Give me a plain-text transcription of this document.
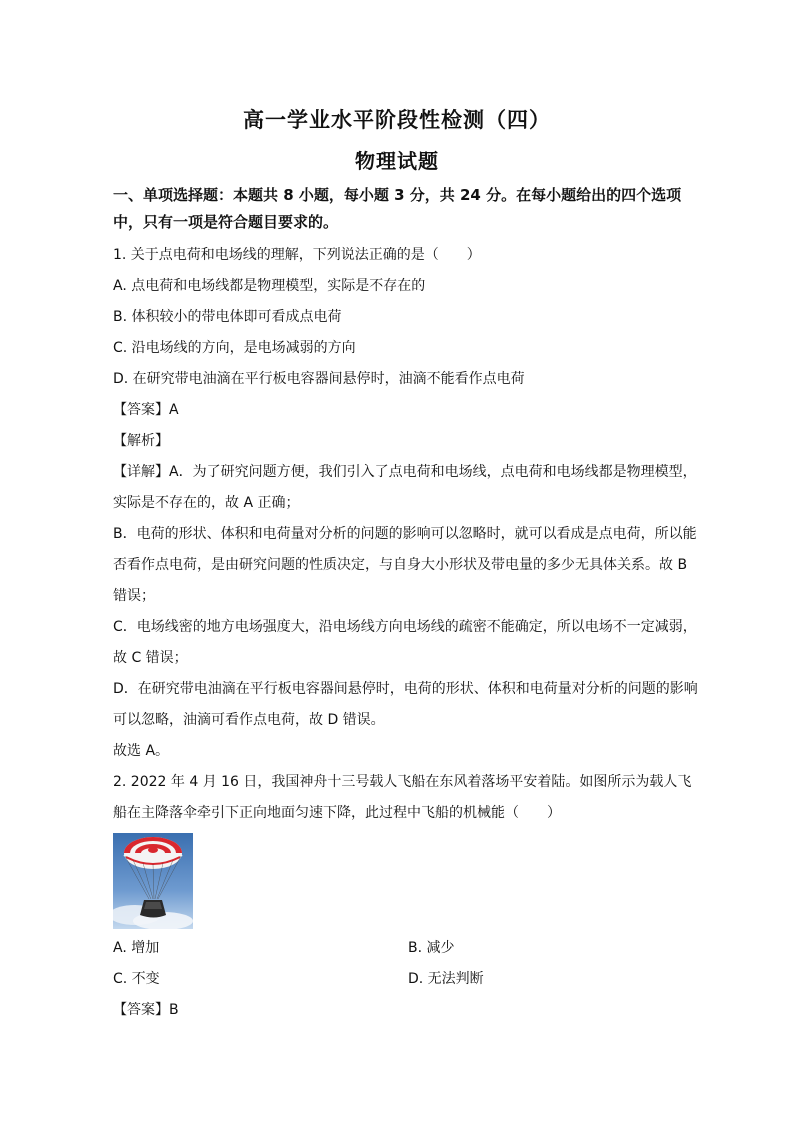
高一学业水平阶段性检测（四）
物理试题
一、单项选择题：本题共 8 小题，每小题 3 分，共 24 分。在每小题给出的四个选项中，只有一项是符合题目要求的。
1. 关于点电荷和电场线的理解，下列说法正确的是（　　）
A. 点电荷和电场线都是物理模型，实际是不存在的
B. 体积较小的带电体即可看成点电荷
C. 沿电场线的方向，是电场减弱的方向
D. 在研究带电油滴在平行板电容器间悬停时，油滴不能看作点电荷
【答案】A
【解析】
【详解】A．为了研究问题方便，我们引入了点电荷和电场线，点电荷和电场线都是物理模型，实际是不存在的，故 A 正确；
B．电荷的形状、体积和电荷量对分析的问题的影响可以忽略时，就可以看成是点电荷，所以能否看作点电荷，是由研究问题的性质决定，与自身大小形状及带电量的多少无具体关系。故 B 错误；
C．电场线密的地方电场强度大，沿电场线方向电场线的疏密不能确定，所以电场不一定减弱，故 C 错误；
D．在研究带电油滴在平行板电容器间悬停时，电荷的形状、体积和电荷量对分析的问题的影响可以忽略，油滴可看作点电荷，故 D 错误。
故选 A。
2. 2022 年 4 月 16 日，我国神舟十三号载人飞船在东风着落场平安着陆。如图所示为载人飞船在主降落伞牵引下正向地面匀速下降，此过程中飞船的机械能（　　）
A. 增加	B. 减少
C. 不变	D. 无法判断
【答案】B
